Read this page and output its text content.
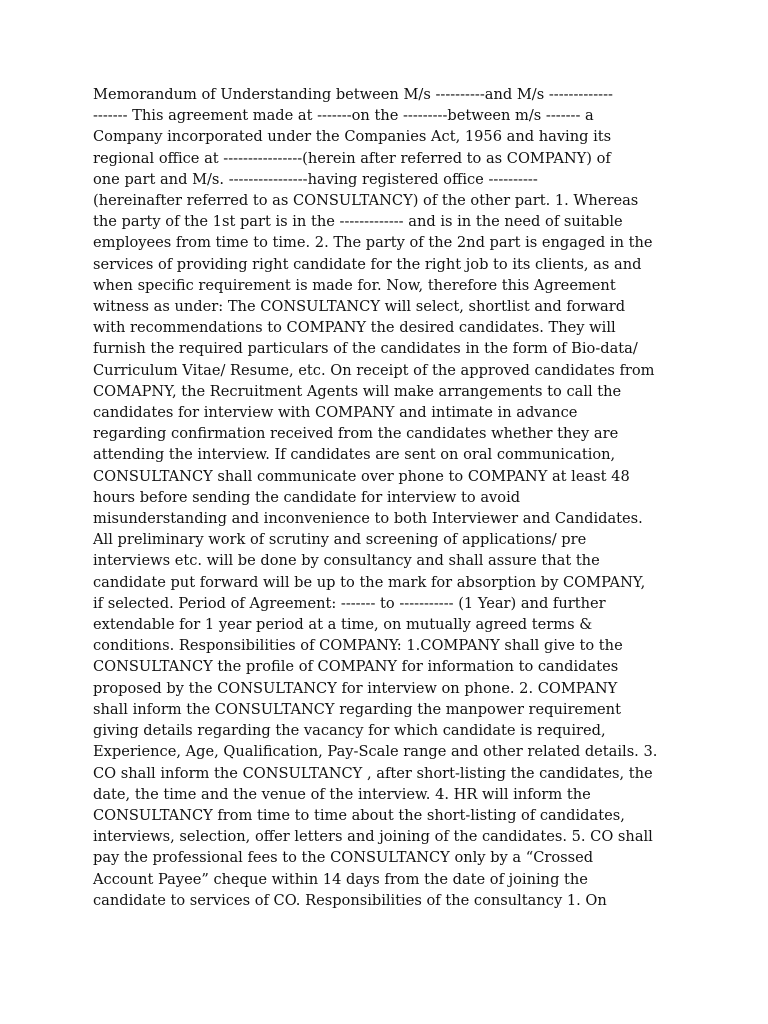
Memorandum of Understanding between M/s ----------and M/s -------------
------- This agreement made at -------on the ---------between m/s ------- a
Company incorporated under the Companies Act, 1956 and having its
regional office at ----------------(herein after referred to as COMPANY) of
one part and M/s. ----------------having registered office ----------
(hereinafter referred to as CONSULTANCY) of the other part. 1. Whereas
the party of the 1st part is in the ------------- and is in the need of suitable
employees from time to time. 2. The party of the 2nd part is engaged in the
services of providing right candidate for the right job to its clients, as and
when specific requirement is made for. Now, therefore this Agreement
witness as under: The CONSULTANCY will select, shortlist and forward
with recommendations to COMPANY the desired candidates. They will
furnish the required particulars of the candidates in the form of Bio-data/
Curriculum Vitae/ Resume, etc. On receipt of the approved candidates from
COMAPNY, the Recruitment Agents will make arrangements to call the
candidates for interview with COMPANY and intimate in advance
regarding confirmation received from the candidates whether they are
attending the interview. If candidates are sent on oral communication,
CONSULTANCY shall communicate over phone to COMPANY at least 48
hours before sending the candidate for interview to avoid
misunderstanding and inconvenience to both Interviewer and Candidates.
All preliminary work of scrutiny and screening of applications/ pre
interviews etc. will be done by consultancy and shall assure that the
candidate put forward will be up to the mark for absorption by COMPANY,
if selected. Period of Agreement: ------- to ----------- (1 Year) and further
extendable for 1 year period at a time, on mutually agreed terms &
conditions. Responsibilities of COMPANY: 1.COMPANY shall give to the
CONSULTANCY the profile of COMPANY for information to candidates
proposed by the CONSULTANCY for interview on phone. 2. COMPANY
shall inform the CONSULTANCY regarding the manpower requirement
giving details regarding the vacancy for which candidate is required,
Experience, Age, Qualification, Pay-Scale range and other related details. 3.
CO shall inform the CONSULTANCY , after short-listing the candidates, the
date, the time and the venue of the interview. 4. HR will inform the
CONSULTANCY from time to time about the short-listing of candidates,
interviews, selection, offer letters and joining of the candidates. 5. CO shall
pay the professional fees to the CONSULTANCY only by a “Crossed
Account Payee” cheque within 14 days from the date of joining the
candidate to services of CO. Responsibilities of the consultancy 1. On
